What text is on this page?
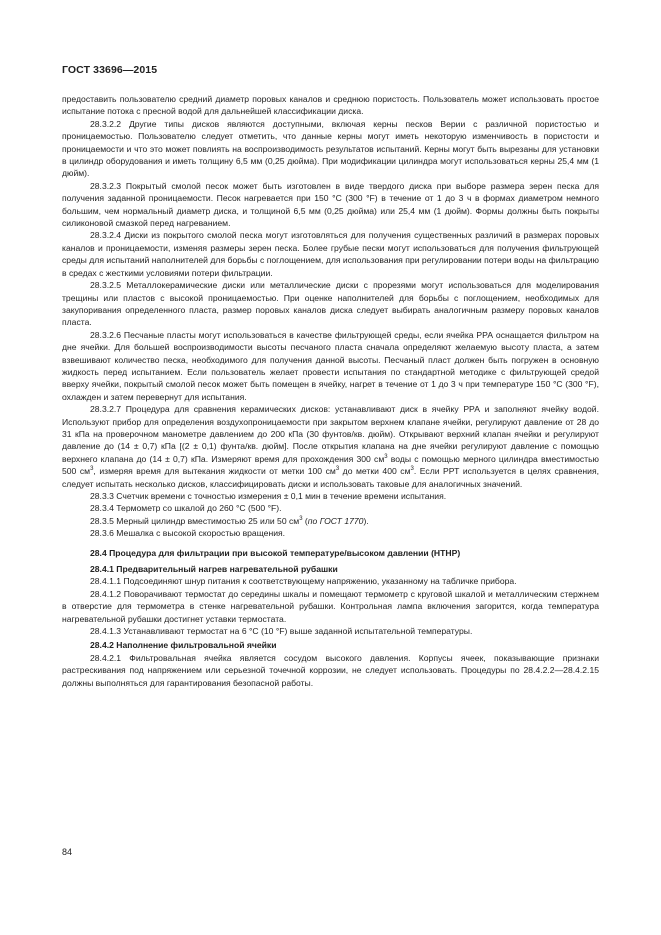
ГОСТ 33696—2015

предоставить пользователю средний диаметр поровых каналов и среднюю пористость. Пользователь может использовать простое испытание потока с пресной водой для дальнейшей классификации диска.

28.3.2.2 Другие типы дисков являются доступными, включая керны песков Верии с различной пористостью и проницаемостью. Пользователю следует отметить, что данные керны могут иметь некоторую изменчивость в пористости и проницаемости и что это может повлиять на воспроизводимость результатов испытаний. Керны могут быть вырезаны для установки в цилиндр оборудования и иметь толщину 6,5 мм (0,25 дюйма). При модификации цилиндра могут использоваться керны 25,4 мм (1 дюйм).

28.3.2.3 Покрытый смолой песок может быть изготовлен в виде твердого диска при выборе размера зерен песка для получения заданной проницаемости. Песок нагревается при 150 °С (300 °F) в течение от 1 до 3 ч в формах диаметром немного большим, чем нормальный диаметр диска, и толщиной 6,5 мм (0,25 дюйма) или 25,4 мм (1 дюйм). Формы должны быть покрыты силиконовой смазкой перед нагреванием.

28.3.2.4 Диски из покрытого смолой песка могут изготовляться для получения существенных различий в размерах поровых каналов и проницаемости, изменяя размеры зерен песка. Более грубые пески могут использоваться для получения фильтрующей среды для испытаний наполнителей для борьбы с поглощением, для использования при регулировании потери воды на фильтрацию в средах с жесткими условиями потери фильтрации.

28.3.2.5 Металлокерамические диски или металлические диски с прорезями могут использоваться для моделирования трещины или пластов с высокой проницаемостью. При оценке наполнителей для борьбы с поглощением, необходимых для закупоривания определенного пласта, размер поровых каналов диска следует выбирать аналогичным размеру поровых каналов пласта.

28.3.2.6 Песчаные пласты могут использоваться в качестве фильтрующей среды, если ячейка РРА оснащается фильтром на дне ячейки. Для большей воспроизводимости высоты песчаного пласта сначала определяют желаемую высоту пласта, а затем взвешивают количество песка, необходимого для получения данной высоты. Песчаный пласт должен быть погружен в основную жидкость перед испытанием. Если пользователь желает провести испытания по стандартной методике с фильтрующей средой вверху ячейки, покрытый смолой песок может быть помещен в ячейку, нагрет в течение от 1 до 3 ч при температуре 150 °С (300 °F), охлажден и затем перевернут для испытания.

28.3.2.7 Процедура для сравнения керамических дисков: устанавливают диск в ячейку РРА и заполняют ячейку водой. Используют прибор для определения воздухопроницаемости при закрытом верхнем клапане ячейки, регулируют давление от 28 до 31 кПа на проверочном манометре давлением до 200 кПа (30 фунтов/кв. дюйм). Открывают верхний клапан ячейки и регулируют давление до (14 ± 0,7) кПа [(2 ± 0,1) фунта/кв. дюйм]. После открытия клапана на дне ячейки регулируют давление с помощью верхнего клапана до (14 ± 0,7) кПа. Измеряют время для прохождения 300 $см^3$ воды с помощью мерного цилиндра вместимостью 500 $см^3$, измеряя время для вытекания жидкости от метки 100 $см^3$ до метки 400 $см^3$. Если РРТ используется в целях сравнения, следует испытать несколько дисков, классифицировать диски и использовать таковые для аналогичных значений.

28.3.3 Счетчик времени с точностью измерения ± 0,1 мин в течение времени испытания.

28.3.4 Термометр со шкалой до 260 °С (500 °F).

28.3.5 Мерный цилиндр вместимостью 25 или 50 $см^3$ (по ГОСТ 1770).

28.3.6 Мешалка с высокой скоростью вращения.

28.4 Процедура для фильтрации при высокой температуре/высоком давлении (НТНР)
28.4.1 Предварительный нагрев нагревательной рубашки

28.4.1.1 Подсоединяют шнур питания к соответствующему напряжению, указанному на табличке прибора.

28.4.1.2 Поворачивают термостат до середины шкалы и помещают термометр с круговой шкалой и металлическим стержнем в отверстие для термометра в стенке нагревательной рубашки. Контрольная лампа включения загорится, когда температура нагревательной рубашки достигнет уставки термостата.

28.4.1.3 Устанавливают термостат на 6 °С (10 °F) выше заданной испытательной температуры.

28.4.2 Наполнение фильтровальной ячейки

28.4.2.1 Фильтровальная ячейка является сосудом высокого давления. Корпусы ячеек, показывающие признаки растрескивания под напряжением или серьезной точечной коррозии, не следует использовать. Процедуры по 28.4.2.2—28.4.2.15 должны выполняться для гарантирования безопасной работы.

84
